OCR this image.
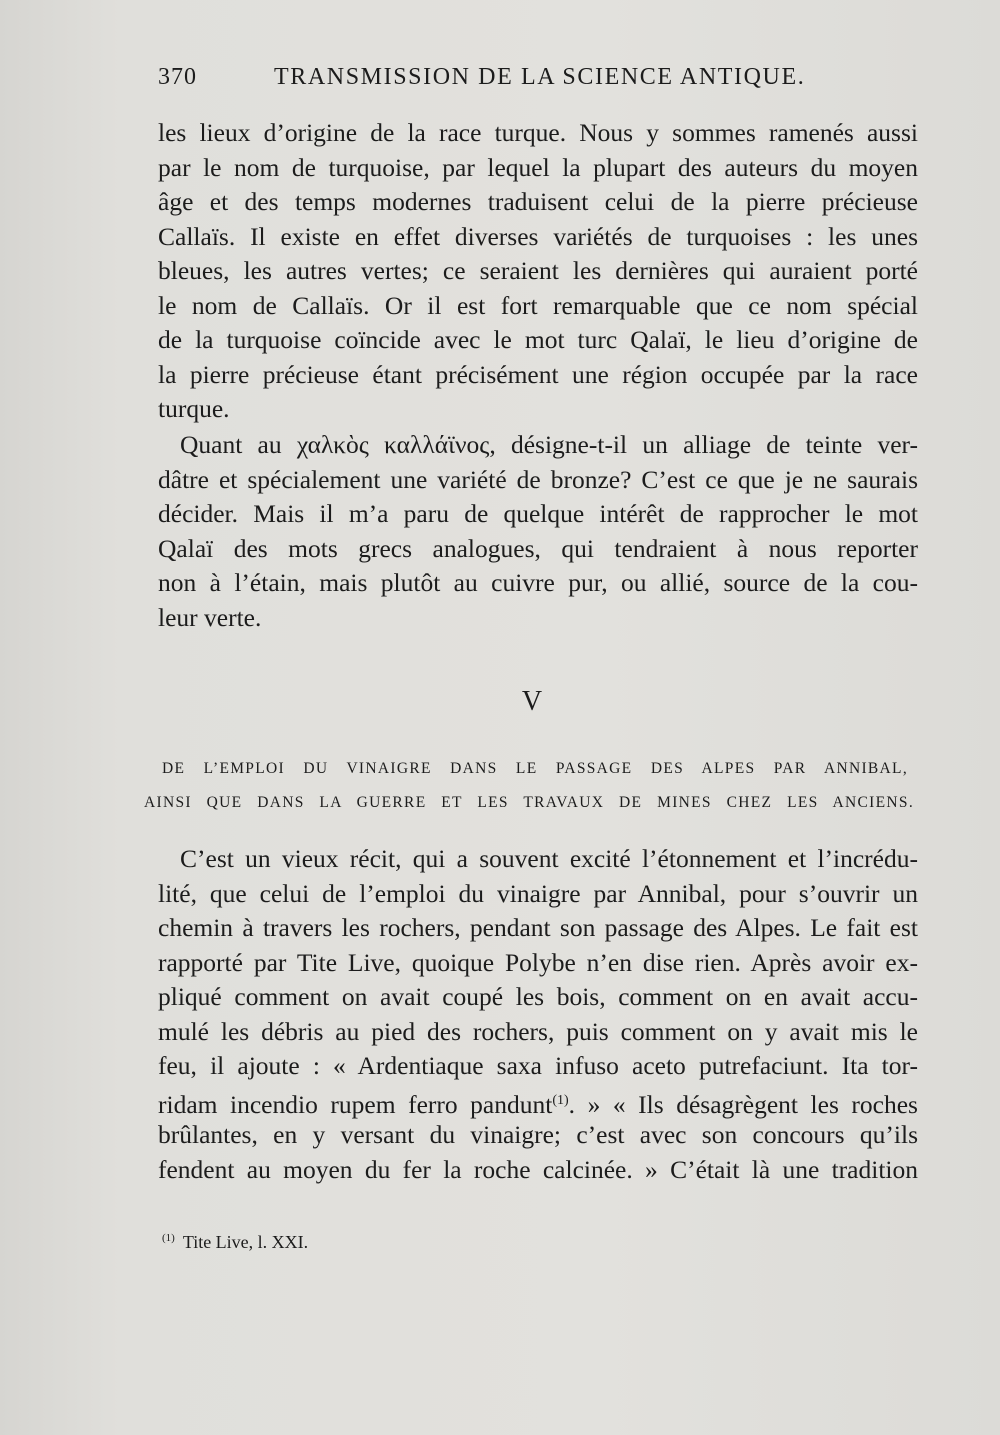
370	TRANSMISSION DE LA SCIENCE ANTIQUE.
les lieux d’origine de la race turque. Nous y sommes ramenés aussi
par le nom de turquoise, par lequel la plupart des auteurs du moyen
âge et des temps modernes traduisent celui de la pierre précieuse
Callaïs. Il existe en effet diverses variétés de turquoises : les unes
bleues, les autres vertes; ce seraient les dernières qui auraient porté
le nom de Callaïs. Or il est fort remarquable que ce nom spécial
de la turquoise coïncide avec le mot turc Qalaï, le lieu d’origine de
la pierre précieuse étant précisément une région occupée par la race
turque.
Quant au χαλκὸς καλλάϊνος, désigne-t-il un alliage de teinte ver-
dâtre et spécialement une variété de bronze? C’est ce que je ne saurais
décider. Mais il m’a paru de quelque intérêt de rapprocher le mot
Qalaï des mots grecs analogues, qui tendraient à nous reporter
non à l’étain, mais plutôt au cuivre pur, ou allié, source de la cou-
leur verte.
V
DE L’EMPLOI DU VINAIGRE DANS LE PASSAGE DES ALPES PAR ANNIBAL,
AINSI QUE DANS LA GUERRE ET LES TRAVAUX DE MINES CHEZ LES ANCIENS.
C’est un vieux récit, qui a souvent excité l’étonnement et l’incrédu-
lité, que celui de l’emploi du vinaigre par Annibal, pour s’ouvrir un
chemin à travers les rochers, pendant son passage des Alpes. Le fait est
rapporté par Tite Live, quoique Polybe n’en dise rien. Après avoir ex-
pliqué comment on avait coupé les bois, comment on en avait accu-
mulé les débris au pied des rochers, puis comment on y avait mis le
feu, il ajoute : « Ardentiaque saxa infuso aceto putrefaciunt. Ita tor-
ridam incendio rupem ferro pandunt$^{(1)}$. » « Ils désagrègent les roches
brûlantes, en y versant du vinaigre; c’est avec son concours qu’ils
fendent au moyen du fer la roche calcinée. » C’était là une tradition
$^{(1)}$ Tite Live, l. XXI.
